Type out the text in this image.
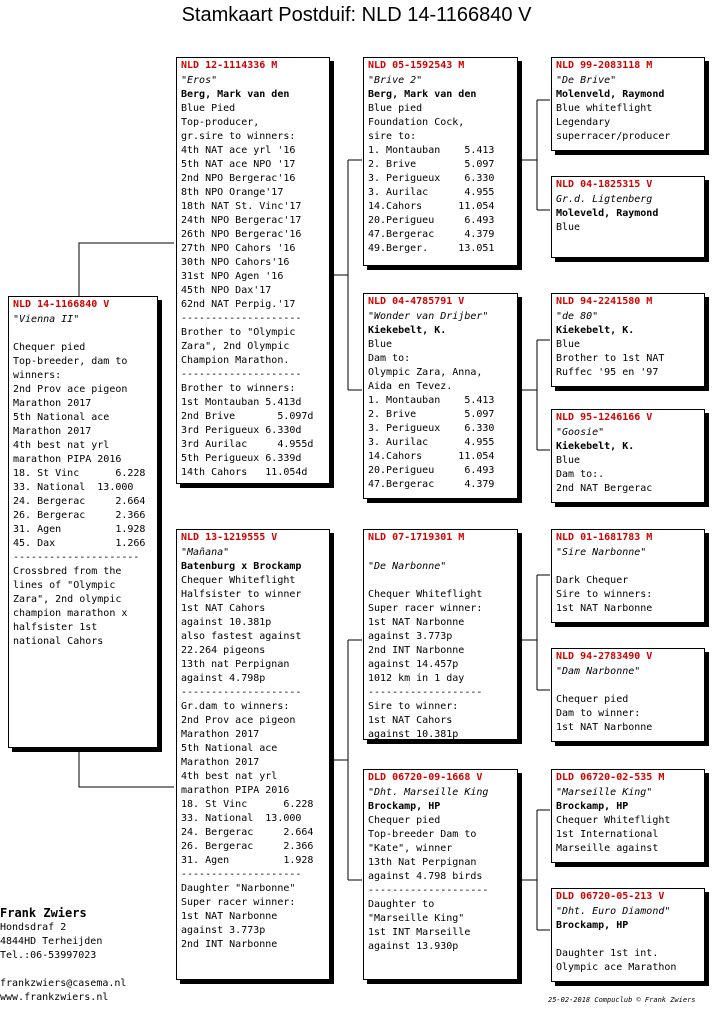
Stamkaart Postduif: NLD 14-1166840 V
NLD 14-1166840 V
"Vienna II"

Chequer pied
Top-breeder, dam to
winners:
2nd Prov ace pigeon
Marathon 2017
5th National ace
Marathon 2017
4th best nat yrl
marathon PIPA 2016
18. St Vinc      6.228
33. National  13.000
24. Bergerac     2.664
26. Bergerac     2.366
31. Agen         1.928
45. Dax          1.266
---------------------
Crossbred from the
lines of "Olympic
Zara", 2nd olympic
champion marathon x
halfsister 1st
national Cahors
NLD 12-1114336 M
"Eros"
Berg, Mark van den
Blue Pied
Top-producer,
gr.sire to winners:
4th NAT ace yrl '16
5th NAT ace NPO '17
2nd NPO Bergerac'16
8th NPO Orange'17
18th NAT St. Vinc'17
24th NPO Bergerac'17
26th NPO Bergerac'16
27th NPO Cahors '16
30th NPO Cahors'16
31st NPO Agen '16
45th NPO Dax'17
62nd NAT Perpig.'17
--------------------
Brother to "Olympic
Zara", 2nd Olympic
Champion Marathon.
--------------------
Brother to winners:
1st Montauban 5.413d
2nd Brive       5.097d
3rd Perigueux 6.330d
3rd Aurilac     4.955d
5th Perigueux 6.339d
14th Cahors   11.054d
NLD 13-1219555 V
"Mañana"
Batenburg x Brockamp
Chequer Whiteflight
Halfsister to winner
1st NAT Cahors
against 10.381p
also fastest against
22.264 pigeons
13th nat Perpignan
against 4.798p
--------------------
Gr.dam to winners:
2nd Prov ace pigeon
Marathon 2017
5th National ace
Marathon 2017
4th best nat yrl
marathon PIPA 2016
18. St Vinc      6.228
33. National  13.000
24. Bergerac     2.664
26. Bergerac     2.366
31. Agen         1.928
--------------------
Daughter "Narbonne"
Super racer winner:
1st NAT Narbonne
against 3.773p
2nd INT Narbonne
NLD 05-1592543 M
"Brive 2"
Berg, Mark van den
Blue pied
Foundation Cock,
sire to:
1. Montauban    5.413
2. Brive        5.097
3. Perigueux    6.330
3. Aurilac      4.955
14.Cahors      11.054
20.Perigueu     6.493
47.Bergerac     4.379
49.Berger.     13.051
NLD 04-4785791 V
"Wonder van Drijber"
Kiekebelt, K.
Blue
Dam to:
Olympic Zara, Anna,
Aida en Tevez.
1. Montauban    5.413
2. Brive        5.097
3. Perigueux    6.330
3. Aurilac      4.955
14.Cahors      11.054
20.Perigueu     6.493
47.Bergerac     4.379
NLD 07-1719301 M

"De Narbonne"

Chequer Whiteflight
Super racer winner:
1st NAT Narbonne
against 3.773p
2nd INT Narbonne
against 14.457p
1012 km in 1 day
-------------------
Sire to winner:
1st NAT Cahors
against 10.381p
DLD 06720-09-1668 V
"Dht. Marseille King
Brockamp, HP
Chequer pied
Top-breeder Dam to
"Kate", winner
13th Nat Perpignan
against 4.798 birds
--------------------
Daughter to
"Marseille King"
1st INT Marseille
against 13.930p
NLD 99-2083118 M
"De Brive"
Molenveld, Raymond
Blue whiteflight
Legendary
superracer/producer
NLD 04-1825315 V
Gr.d. Ligtenberg
Moleveld, Raymond
Blue
NLD 94-2241580 M
"de 80"
Kiekebelt, K.
Blue
Brother to 1st NAT
Ruffec '95 en '97
NLD 95-1246166 V
"Goosie"
Kiekebelt, K.
Blue
Dam to:.
2nd NAT Bergerac
NLD 01-1681783 M
"Sire Narbonne"

Dark Chequer
Sire to winners:
1st NAT Narbonne
NLD 94-2783490 V
"Dam Narbonne"

Chequer pied
Dam to winner:
1st NAT Narbonne
DLD 06720-02-535 M
"Marseille King"
Brockamp, HP
Chequer Whiteflight
1st International
Marseille against
DLD 06720-05-213 V
"Dht. Euro Diamond"
Brockamp, HP

Daughter 1st int.
Olympic ace Marathon
Frank Zwiers
Hondsdraf 2
4844HD Terheijden
Tel.:06-53997023
frankzwiers@casema.nl
www.frankzwiers.nl	25-02-2018 Compuclub © Frank Zwiers
